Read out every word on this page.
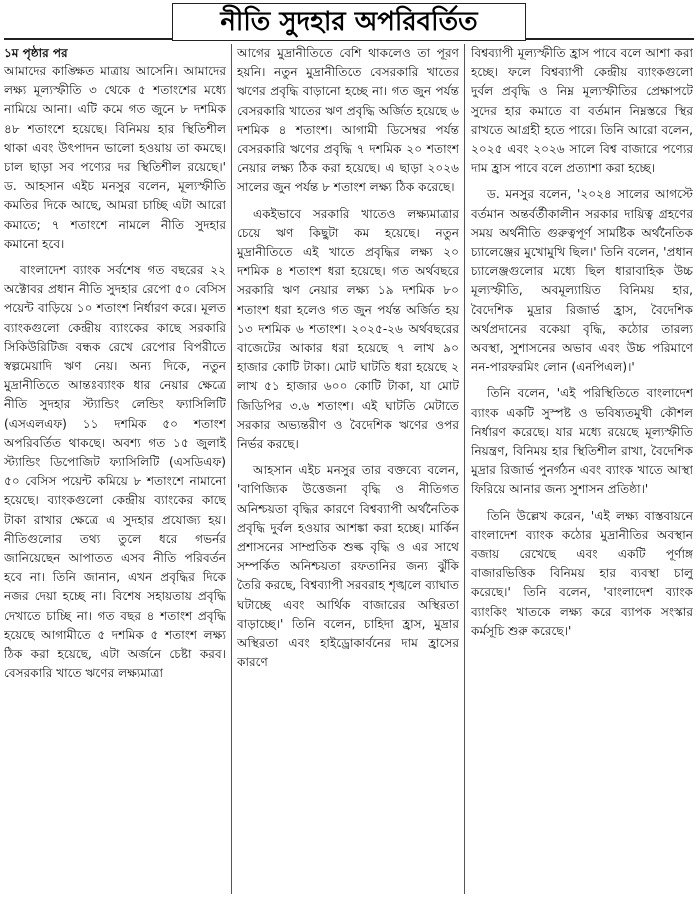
নীতি সুদহার অপরিবর্তিত

১ম পৃষ্ঠার পর

আমাদের কাঙ্ক্ষিত মাত্রায় আসেনি। আমাদের লক্ষ্য মূল্যস্ফীতি ৩ থেকে ৫ শতাংশের মধ্যে নামিয়ে আনা। এটি কমে গত জুনে ৮ দশমিক ৪৮ শতাংশে হয়েছে। বিনিময় হার স্থিতিশীল থাকা এবং উৎপাদন ভালো হওয়ায় তা কমছে। চাল ছাড়া সব পণ্যের দর স্থিতিশীল রয়েছে।' ড. আহসান এইচ মনসুর বলেন, মূল্যস্ফীতি কমতির দিকে আছে, আমরা চাচ্ছি এটা আরো কমাতে; ৭ শতাংশে নামলে নীতি সুদহার কমানো হবে।

বাংলাদেশ ব্যাংক সর্বশেষ গত বছরের ২২ অক্টোবর প্রধান নীতি সুদহার রেপো ৫০ বেসিস পয়েন্ট বাড়িয়ে ১০ শতাংশ নির্ধারণ করে। মূলত ব্যাংকগুলো কেন্দ্রীয় ব্যাংকের কাছে সরকারি সিকিউরিটিজ বন্ধক রেখে রেপোর বিপরীতে স্বল্পমেয়াদি ঋণ নেয়। অন্য দিকে, নতুন মুদ্রানীতিতে আন্তঃব্যাংক ধার নেয়ার ক্ষেত্রে নীতি সুদহার স্ট্যান্ডিং লেন্ডিং ফ্যাসিলিটি (এসএলএফ) ১১ দশমিক ৫০ শতাংশ অপরিবর্তিত থাকছে। অবশ্য গত ১৫ জুলাই স্ট্যান্ডিং ডিপোজিট ফ্যাসিলিটি (এসডিএফ) ৫০ বেসিস পয়েন্ট কমিয়ে ৮ শতাংশে নামানো হয়েছে। ব্যাংকগুলো কেন্দ্রীয় ব্যাংকের কাছে টাকা রাখার ক্ষেত্রে এ সুদহার প্রযোজ্য হয়। নীতিগুলোর তথ্য তুলে ধরে গভর্নর জানিয়েছেন আপাতত এসব নীতি পরিবর্তন হবে না। তিনি জানান, এখন প্রবৃদ্ধির দিকে নজর দেয়া হচ্ছে না। বিশেষ সহায়তায় প্রবৃদ্ধি দেখাতে চাচ্ছি না। গত বছর ৪ শতাংশ প্রবৃদ্ধি হয়েছে আগামীতে ৫ দশমিক ৫ শতাংশ লক্ষ্য ঠিক করা হয়েছে, এটা অর্জনে চেষ্টা করব। বেসরকারি খাতে ঋণের লক্ষ্যমাত্রা

আগের মুদ্রানীতিতে বেশি থাকলেও তা পূরণ হয়নি। নতুন মুদ্রানীতিতে বেসরকারি খাতের ঋণের প্রবৃদ্ধি বাড়ানো হচ্ছে না। গত জুন পর্যন্ত বেসরকারি খাতের ঋণ প্রবৃদ্ধি অর্জিত হয়েছে ৬ দশমিক ৪ শতাংশ। আগামী ডিসেম্বর পর্যন্ত বেসরকারি ঋণের প্রবৃদ্ধি ৭ দশমিক ২০ শতাংশ নেয়ার লক্ষ্য ঠিক করা হয়েছে। এ ছাড়া ২০২৬ সালের জুন পর্যন্ত ৮ শতাংশ লক্ষ্য ঠিক করেছে।

একইভাবে সরকারি খাতেও লক্ষ্যমাত্রার চেয়ে ঋণ কিছুটা কম হয়েছে। নতুন মুদ্রানীতিতে এই খাতে প্রবৃদ্ধির লক্ষ্য ২০ দশমিক ৪ শতাংশ ধরা হয়েছে। গত অর্থবছরে সরকারি ঋণ নেয়ার লক্ষ্য ১৯ দশমিক ৮০ শতাংশ ধরা হলেও গত জুন পর্যন্ত অর্জিত হয় ১৩ দশমিক ৬ শতাংশ। ২০২৫-২৬ অর্থবছরের বাজেটের আকার ধরা হয়েছে ৭ লাখ ৯০ হাজার কোটি টাকা। মোট ঘাটতি ধরা হয়েছে ২ লাখ ৫১ হাজার ৬০০ কোটি টাকা, যা মোট জিডিপির ৩.৬ শতাংশ। এই ঘাটতি মেটাতে সরকার অভ্যন্তরীণ ও বৈদেশিক ঋণের ওপর নির্ভর করছে।

আহসান এইচ মনসুর তার বক্তব্যে বলেন, 'বাণিজ্যিক উত্তেজনা বৃদ্ধি ও নীতিগত অনিশ্চয়তা বৃদ্ধির কারণে বিশ্বব্যাপী অর্থনৈতিক প্রবৃদ্ধি দুর্বল হওয়ার আশঙ্কা করা হচ্ছে। মার্কিন প্রশাসনের সাম্প্রতিক শুল্ক বৃদ্ধি ও এর সাথে সম্পর্কিত অনিশ্চয়তা রফতানির জন্য ঝুঁকি তৈরি করছে, বিশ্বব্যাপী সরবরাহ শৃঙ্খলে ব্যাঘাত ঘটাচ্ছে এবং আর্থিক বাজারের অস্থিরতা বাড়াচ্ছে।' তিনি বলেন, চাহিদা হ্রাস, মুদ্রার অস্থিরতা এবং হাইড্রোকার্বনের দাম হ্রাসের কারণে

বিশ্বব্যাপী মূল্যস্ফীতি হ্রাস পাবে বলে আশা করা হচ্ছে। ফলে বিশ্বব্যাপী কেন্দ্রীয় ব্যাংকগুলো দুর্বল প্রবৃদ্ধি ও নিম্ন মূল্যস্ফীতির প্রেক্ষাপটে সুদের হার কমাতে বা বর্তমান নিম্নস্তরে স্থির রাখতে আগ্রহী হতে পারে। তিনি আরো বলেন, ২০২৫ এবং ২০২৬ সালে বিশ্ব বাজারে পণ্যের দাম হ্রাস পাবে বলে প্রত্যাশা করা হচ্ছে।

ড. মনসুর বলেন, '২০২৪ সালের আগস্টে বর্তমান অন্তর্বর্তীকালীন সরকার দায়িত্ব গ্রহণের সময় অর্থনীতি গুরুত্বপূর্ণ সামষ্টিক অর্থনৈতিক চ্যালেঞ্জের মুখোমুখি ছিল।' তিনি বলেন, 'প্রধান চ্যালেঞ্জগুলোর মধ্যে ছিল ধারাবাহিক উচ্চ মূল্যস্ফীতি, অবমূল্যায়িত বিনিময় হার, বৈদেশিক মুদ্রার রিজার্ভ হ্রাস, বৈদেশিক অর্থপ্রদানের বকেয়া বৃদ্ধি, কঠোর তারল্য অবস্থা, সুশাসনের অভাব এবং উচ্চ পরিমাণে নন-পারফরমিং লোন (এনপিএল)।'

তিনি বলেন, 'এই পরিস্থিতিতে বাংলাদেশ ব্যাংক একটি সুস্পষ্ট ও ভবিষ্যতমুখী কৌশল নির্ধারণ করেছে। যার মধ্যে রয়েছে মূল্যস্ফীতি নিয়ন্ত্রণ, বিনিময় হার স্থিতিশীল রাখা, বৈদেশিক মুদ্রার রিজার্ভ পুনর্গঠন এবং ব্যাংক খাতে আস্থা ফিরিয়ে আনার জন্য সুশাসন প্রতিষ্ঠা।'

তিনি উল্লেখ করেন, 'এই লক্ষ্য বাস্তবায়নে বাংলাদেশ ব্যাংক কঠোর মুদ্রানীতির অবস্থান বজায় রেখেছে এবং একটি পূর্ণাঙ্গ বাজারভিত্তিক বিনিময় হার ব্যবস্থা চালু করেছে।' তিনি বলেন, 'বাংলাদেশ ব্যাংক ব্যাংকিং খাতকে লক্ষ্য করে ব্যাপক সংস্কার কর্মসূচি শুরু করেছে।'
